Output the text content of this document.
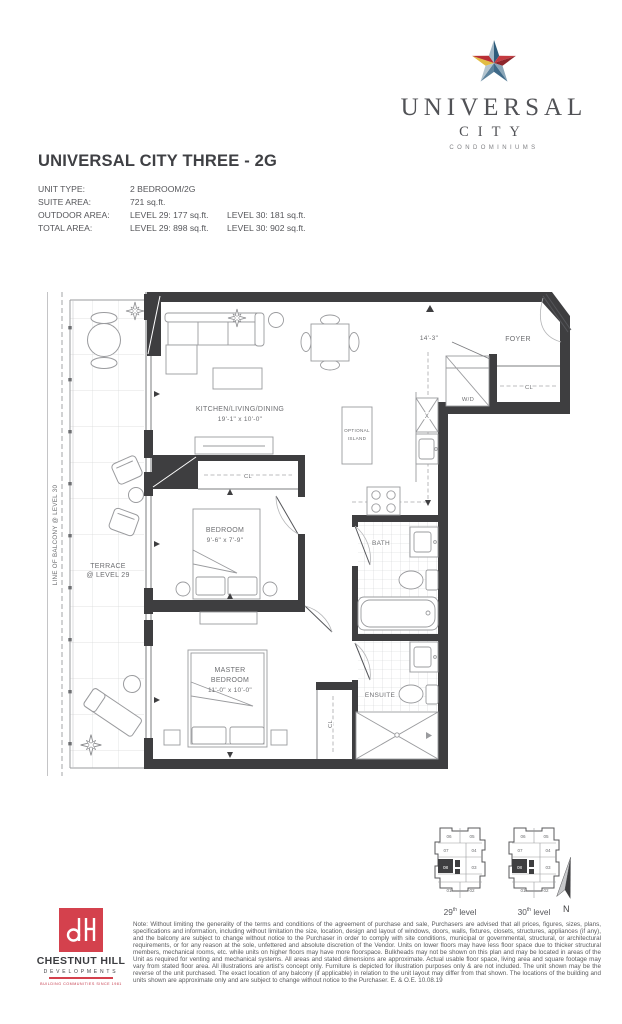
UNIVERSAL
CITY
CONDOMINIUMS
UNIVERSAL CITY THREE - 2G
UNIT TYPE:	2 BEDROOM/2G
SUITE AREA:	721 sq.ft.
OUTDOOR AREA:	LEVEL 29: 177 sq.ft.	LEVEL 30: 181 sq.ft.
TOTAL AREA:	LEVEL 29: 898 sq.ft.	LEVEL 30: 902 sq.ft.
TERRACE
@ LEVEL 29
LINE OF BALCONY @ LEVEL 30
FOYER
14'-3"
W/D
CL
X
OPTIONAL
ISLAND
KITCHEN/LIVING/DINING
19'-1" x 10'-0"
CL
BEDROOM
9'-6" x 7'-9"
CL
MASTER
BEDROOM
11'-0" x 10'-0"
BATH
ENSUITE
06	05
07	04
08	03
01	02
29th level
06	05
07	04
08	03
01	02
30th level	N
CHESTNUT HILL
DEVELOPMENTS
BUILDING COMMUNITIES SINCE 1981
Note: Without limiting the generality of the terms and conditions of the agreement of purchase and sale, Purchasers are advised that all prices, figures, sizes, plans, specifications and information, including without limitation the size, location, design and layout of windows, doors, walls, fixtures, closets, structures, appliances (if any), and the balcony are subject to change without notice to the Purchaser in order to comply with site conditions, municipal or governmental, structural, or architectural requirements, or for any reason at the sole, unfettered and absolute discretion of the Vendor. Units on lower floors may have less floor space due to thicker structural members, mechanical rooms, etc. while units on higher floors may have more floorspace. Bulkheads may not be shown on this plan and may be located in areas of the Unit as required for venting and mechanical systems. All areas and stated dimensions are approximate. Actual usable floor space, living area and square footage may vary from stated floor area. All illustrations are artist's concept only. Furniture is depicted for illustration purposes only & are not included. The unit shown may be the reverse of the unit purchased. The exact location of any balcony (if applicable) in relation to the unit layout may differ from that shown. The locations of the building and units shown are approximate only and are subject to change without notice to the Purchaser. E. & O.E. 10.08.19
